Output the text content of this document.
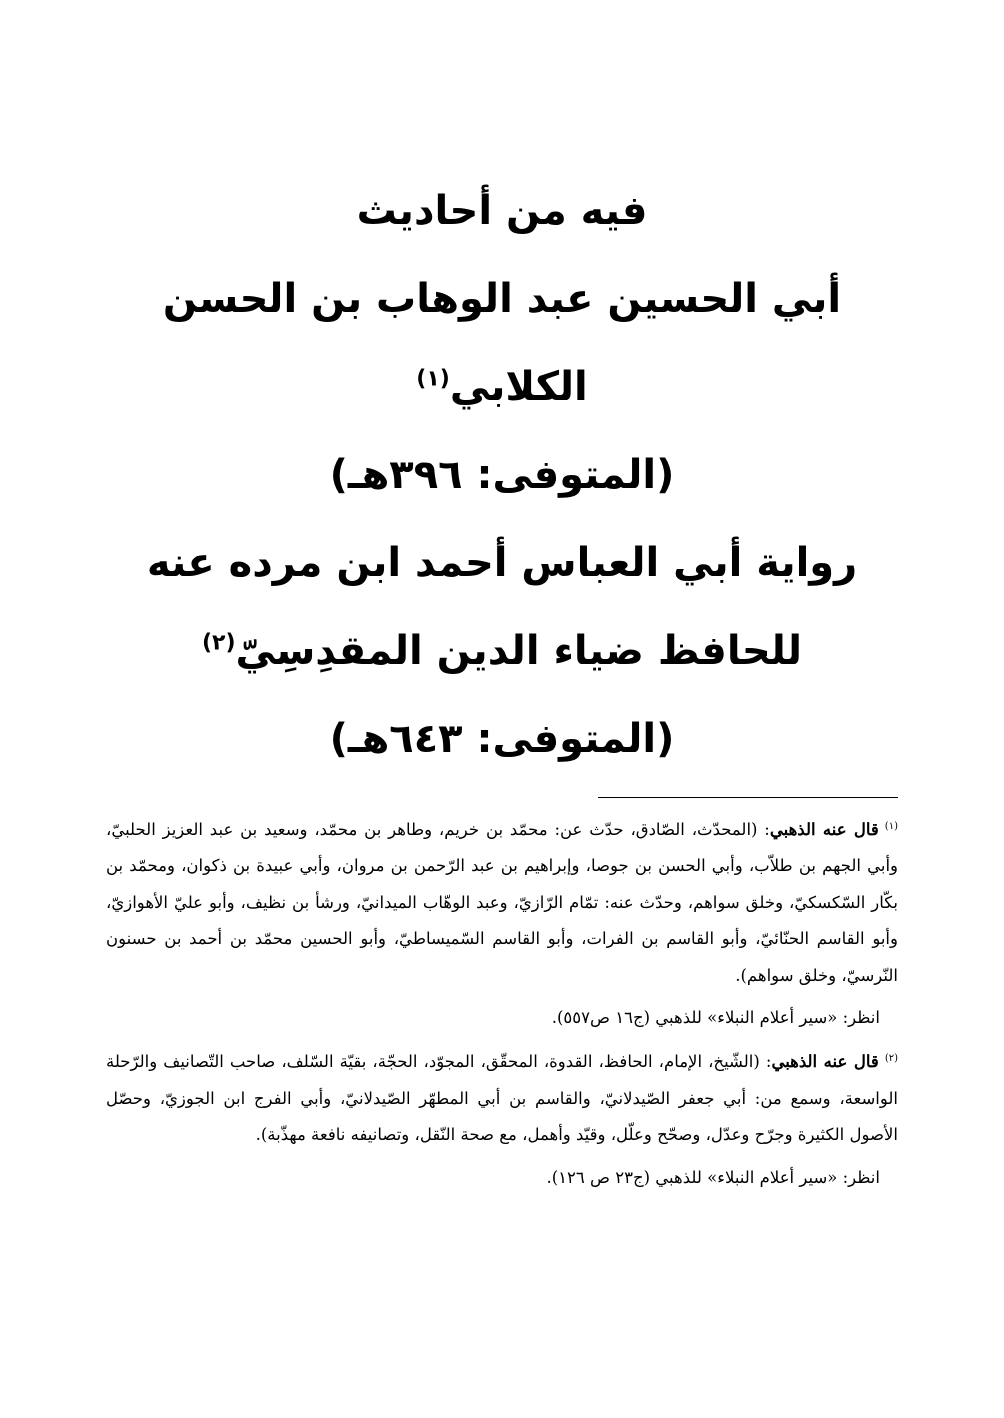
فيه من أحاديث
أبي الحسين عبد الوهاب بن الحسن
الكلابي$^{(١)}$
(المتوفى: ٣٩٦هـ)
رواية أبي العباس أحمد ابن مرده عنه
للحافظ ضياء الدين المقدِسِيّ$^{(٢)}$
(المتوفى: ٦٤٣هـ)

$^{(١)}$قال عنه الذهبي: (المحدّث، الصّادق، حدّث عن: محمّد بن خريم، وطاهر بن محمّد، وسعيد بن عبد العزيز الحلبيّ، وأبي الجهم بن طلاّب، وأبي الحسن بن جوصا، وإبراهيم بن عبد الرّحمن بن مروان، وأبي عبيدة بن ذكوان، ومحمّد بن بكّار السّكسكيّ، وخلق سواهم، وحدّث عنه: تمّام الرّازيّ، وعبد الوهّاب الميدانيّ، ورشأ بن نظيف، وأبو عليّ الأهوازيّ، وأبو القاسم الحنّائيّ، وأبو القاسم بن الفرات، وأبو القاسم السّميساطيّ، وأبو الحسين محمّد بن أحمد بن حسنون النّرسيّ، وخلق سواهم).

انظر: «سير أعلام النبلاء» للذهبي (ج١٦ ص٥٥٧).

$^{(٢)}$قال عنه الذهبي: (الشّيخ، الإمام، الحافظ، القدوة، المحقّق، المجوّد، الحجّة، بقيّة السّلف، صاحب التّصانيف والرّحلة الواسعة، وسمع من: أبي جعفر الصّيدلانيّ، والقاسم بن أبي المطهّر الصّيدلانيّ، وأبي الفرج ابن الجوزيّ، وحصّل الأصول الكثيرة وجرّح وعدّل، وصحّح وعلّل، وقيّد وأهمل، مع صحة النّقل، وتصانيفه نافعة مهذّبة).

انظر: «سير أعلام النبلاء» للذهبي (ج٢٣ ص ١٢٦).
